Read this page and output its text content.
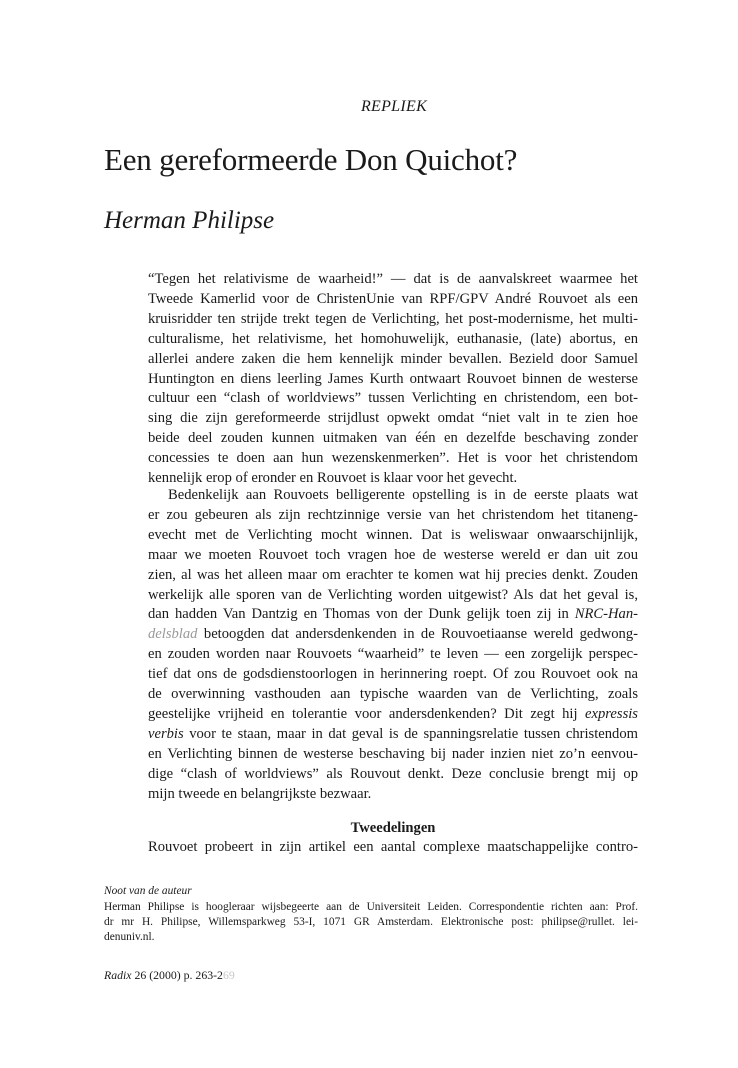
REPLIEK
Een gereformeerde Don Quichot?
Herman Philipse
“Tegen het relativisme de waarheid!” — dat is de aanvalskreet waarmee het
Tweede Kamerlid voor de ChristenUnie van RPF/GPV André Rouvoet als een
kruisridder ten strijde trekt tegen de Verlichting, het post-modernisme, het multi-
culturalisme, het relativisme, het homohuwelijk, euthanasie, (late) abortus, en
allerlei andere zaken die hem kennelijk minder bevallen. Bezield door Samuel
Huntington en diens leerling James Kurth ontwaart Rouvoet binnen de westerse
cultuur een “clash of worldviews” tussen Verlichting en christendom, een bot-
sing die zijn gereformeerde strijdlust opwekt omdat “niet valt in te zien hoe
beide deel zouden kunnen uitmaken van één en dezelfde beschaving zonder
concessies te doen aan hun wezenskenmerken”. Het is voor het christendom
kennelijk erop of eronder en Rouvoet is klaar voor het gevecht.
Bedenkelijk aan Rouvoets belligerente opstelling is in de eerste plaats wat
er zou gebeuren als zijn rechtzinnige versie van het christendom het titaneng-
evecht met de Verlichting mocht winnen. Dat is weliswaar onwaarschijnlijk,
maar we moeten Rouvoet toch vragen hoe de westerse wereld er dan uit zou
zien, al was het alleen maar om erachter te komen wat hij precies denkt. Zouden
werkelijk alle sporen van de Verlichting worden uitgewist? Als dat het geval is,
dan hadden Van Dantzig en Thomas von der Dunk gelijk toen zij in NRC-Han-
delsblad betoogden dat andersdenkenden in de Rouvoetiaanse wereld gedwong-
en zouden worden naar Rouvoets “waarheid” te leven — een zorgelijk perspec-
tief dat ons de godsdienstoorlogen in herinnering roept. Of zou Rouvoet ook na
de overwinning vasthouden aan typische waarden van de Verlichting, zoals
geestelijke vrijheid en tolerantie voor andersdenkenden? Dit zegt hij expressis
verbis voor te staan, maar in dat geval is de spanningsrelatie tussen christendom
en Verlichting binnen de westerse beschaving bij nader inzien niet zo’n eenvou-
dige “clash of worldviews” als Rouvout denkt. Deze conclusie brengt mij op
mijn tweede en belangrijkste bezwaar.
Tweedelingen
Rouvoet probeert in zijn artikel een aantal complexe maatschappelijke contro-
Noot van de auteur
Herman Philipse is hoogleraar wijsbegeerte aan de Universiteit Leiden. Correspondentie richten aan: Prof.
dr mr H. Philipse, Willemsparkweg 53-I, 1071 GR Amsterdam. Elektronische post: philipse@rullet. lei-
denuniv.nl.
Radix 26 (2000) p. 263-269
